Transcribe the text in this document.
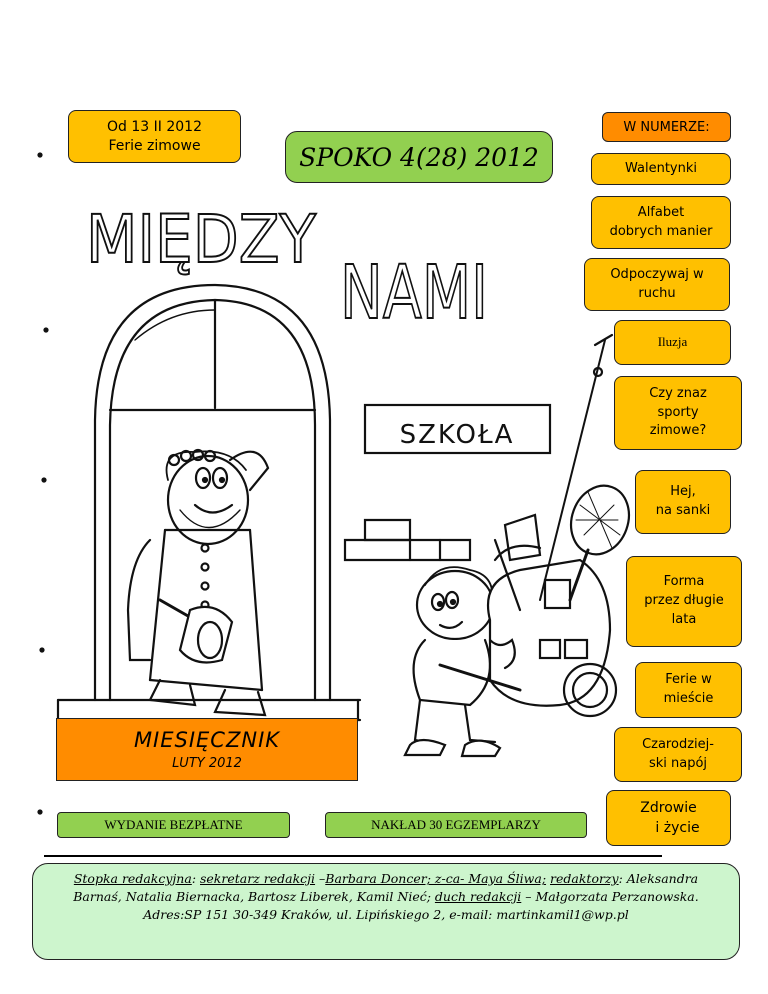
Od 13 II 2012
Ferie zimowe	SPOKO 4(28) 2012
MIĘDZY
NAMI
SZKOŁA
W NUMERZE:
Walentynki
Alfabet
dobrych manier
Odpoczywaj w
ruchu
Iluzja
Czy znaz
sporty
zimowe?
Hej,
na sanki
Forma
przez długie
lata
Ferie w
mieście
Czarodziej-
ski napój
Zdrowie
i życie
MIESIĘCZNIK
LUTY 2012
WYDANIE BEZPŁATNE	NAKŁAD 30 EGZEMPLARZY
Stopka redakcyjna: sekretarz redakcji –Barbara Doncer; z-ca- Maya Śliwa; redaktorzy: Aleksandra Barnaś, Natalia Biernacka, Bartosz Liberek, Kamil Nieć; duch redakcji – Małgorzata Perzanowska. Adres:SP 151 30-349 Kraków, ul. Lipińskiego 2, e-mail: martinkamil1@wp.pl
